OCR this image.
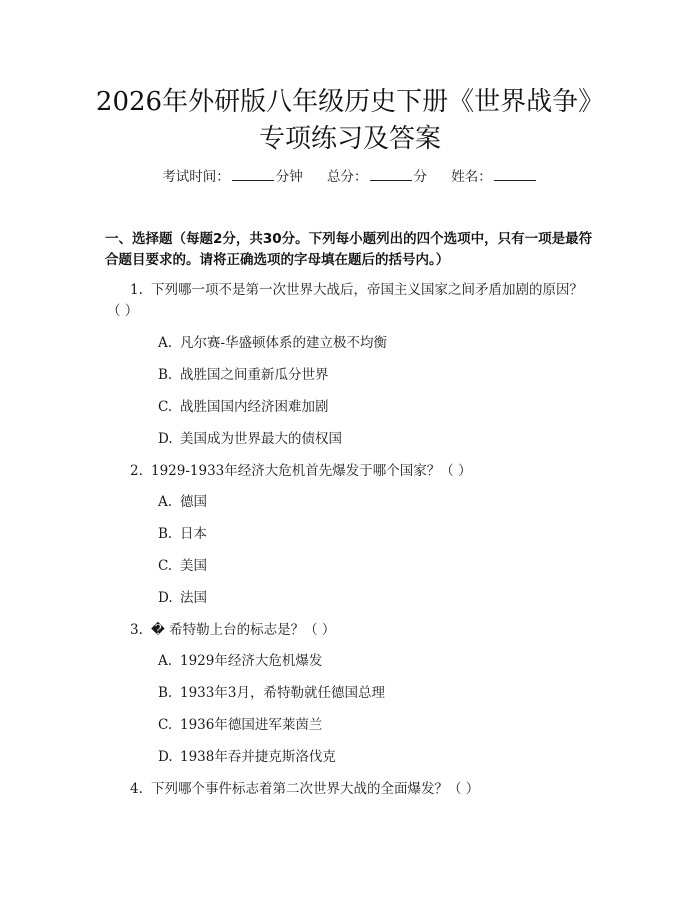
2026年外研版八年级历史下册《世界战争》
专项练习及答案
考试时间：	分钟 总分：	分 姓名：
一、选择题（每题2分，共30分。下列每小题列出的四个选项中，只有一项是最符合题目要求的。请将正确选项的字母填在题后的括号内。）
1. 下列哪一项不是第一次世界大战后，帝国主义国家之间矛盾加剧的原因？
（ ）
A. 凡尔赛-华盛顿体系的建立极不均衡
B. 战胜国之间重新瓜分世界
C. 战胜国国内经济困难加剧
D. 美国成为世界最大的债权国
2. 1929-1933年经济大危机首先爆发于哪个国家？（ ）
A. 德国
B. 日本
C. 美国
D. 法国
3. � 希特勒上台的标志是？（ ）
A. 1929年经济大危机爆发
B. 1933年3月，希特勒就任德国总理
C. 1936年德国进军莱茵兰
D. 1938年吞并捷克斯洛伐克
4. 下列哪个事件标志着第二次世界大战的全面爆发？（ ）
